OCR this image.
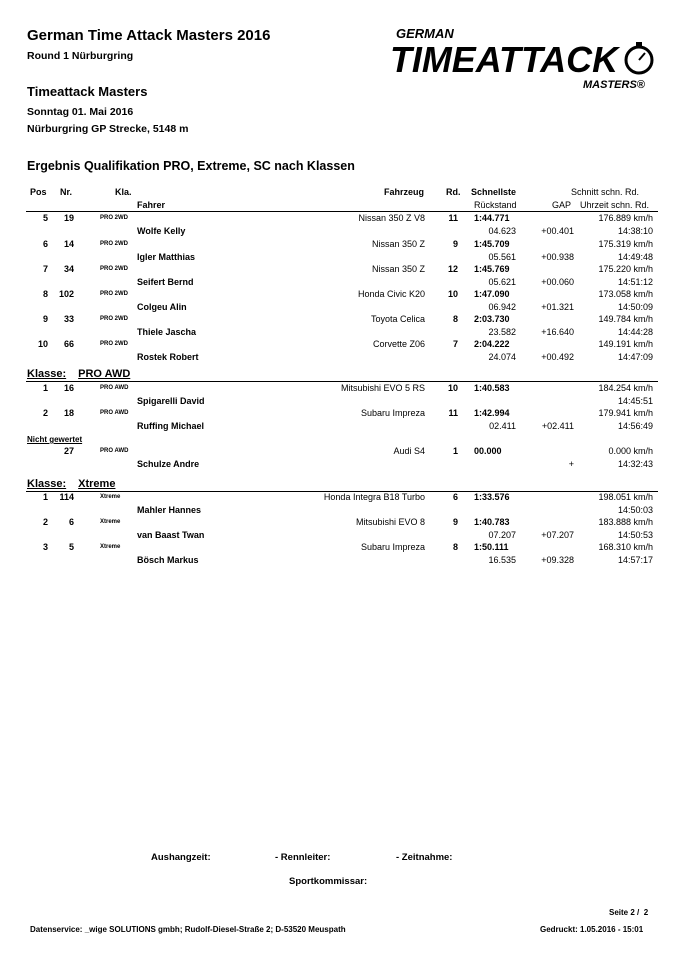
German Time Attack Masters 2016
Round 1 Nürburgring
Timeattack Masters
Sonntag 01. Mai 2016
Nürburgring GP Strecke, 5148 m
GERMAN
TIMEATTACK
MASTERS®
Ergebnis Qualifikation PRO, Extreme, SC nach Klassen
Pos Nr.	Kla.
Fahrer
Fahrzeug Rd. Schnellste
Rückstand	GAP
Schnitt schn. Rd.
Uhrzeit schn. Rd.
Klasse: PRO AWD
Nicht gewertet
Klasse: Xtreme
5	19	PRO 2WD	Nissan 350 Z V8	11 1:44.771	176.889 km/h
Wolfe Kelly	04.623	+00.401	14:38:10
6	14	PRO 2WD	Nissan 350 Z	9 1:45.709	175.319 km/h
Igler Matthias	05.561	+00.938	14:49:48
7	34	PRO 2WD	Nissan 350 Z	12 1:45.769	175.220 km/h
Seifert Bernd	05.621	+00.060	14:51:12
8	102	PRO 2WD	Honda Civic K20	10 1:47.090	173.058 km/h
Colgeu Alin	06.942	+01.321	14:50:09
9	33	PRO 2WD	Toyota Celica	8 2:03.730	149.784 km/h
Thiele Jascha	23.582	+16.640	14:44:28
10	66	PRO 2WD	Corvette Z06	7 2:04.222	149.191 km/h
Rostek Robert	24.074	+00.492	14:47:09
1	16	PRO AWD	Mitsubishi EVO 5 RS	10 1:40.583	184.254 km/h
Spigarelli David	14:45:51
2	18	PRO AWD	Subaru Impreza	11 1:42.994	179.941 km/h
Ruffing Michael	02.411	+02.411	14:56:49
27	PRO AWD	Audi S4	1 00.000	0.000 km/h
Schulze Andre	+	14:32:43
1	114	Xtreme	Honda Integra B18 Turbo	6 1:33.576	198.051 km/h
Mahler Hannes	14:50:03
2	6	Xtreme	Mitsubishi EVO 8	9 1:40.783	183.888 km/h
van Baast Twan	07.207	+07.207	14:50:53
3	5	Xtreme	Subaru Impreza	8 1:50.111	168.310 km/h
Bösch Markus	16.535	+09.328	14:57:17
Aushangzeit:	- Rennleiter:	- Zeitnahme:
Sportkommissar:
Seite 2 / 2
Datenservice: _wige SOLUTIONS gmbh; Rudolf-Diesel-Straße 2; D-53520 Meuspath	Gedruckt: 1.05.2016 - 15:01
